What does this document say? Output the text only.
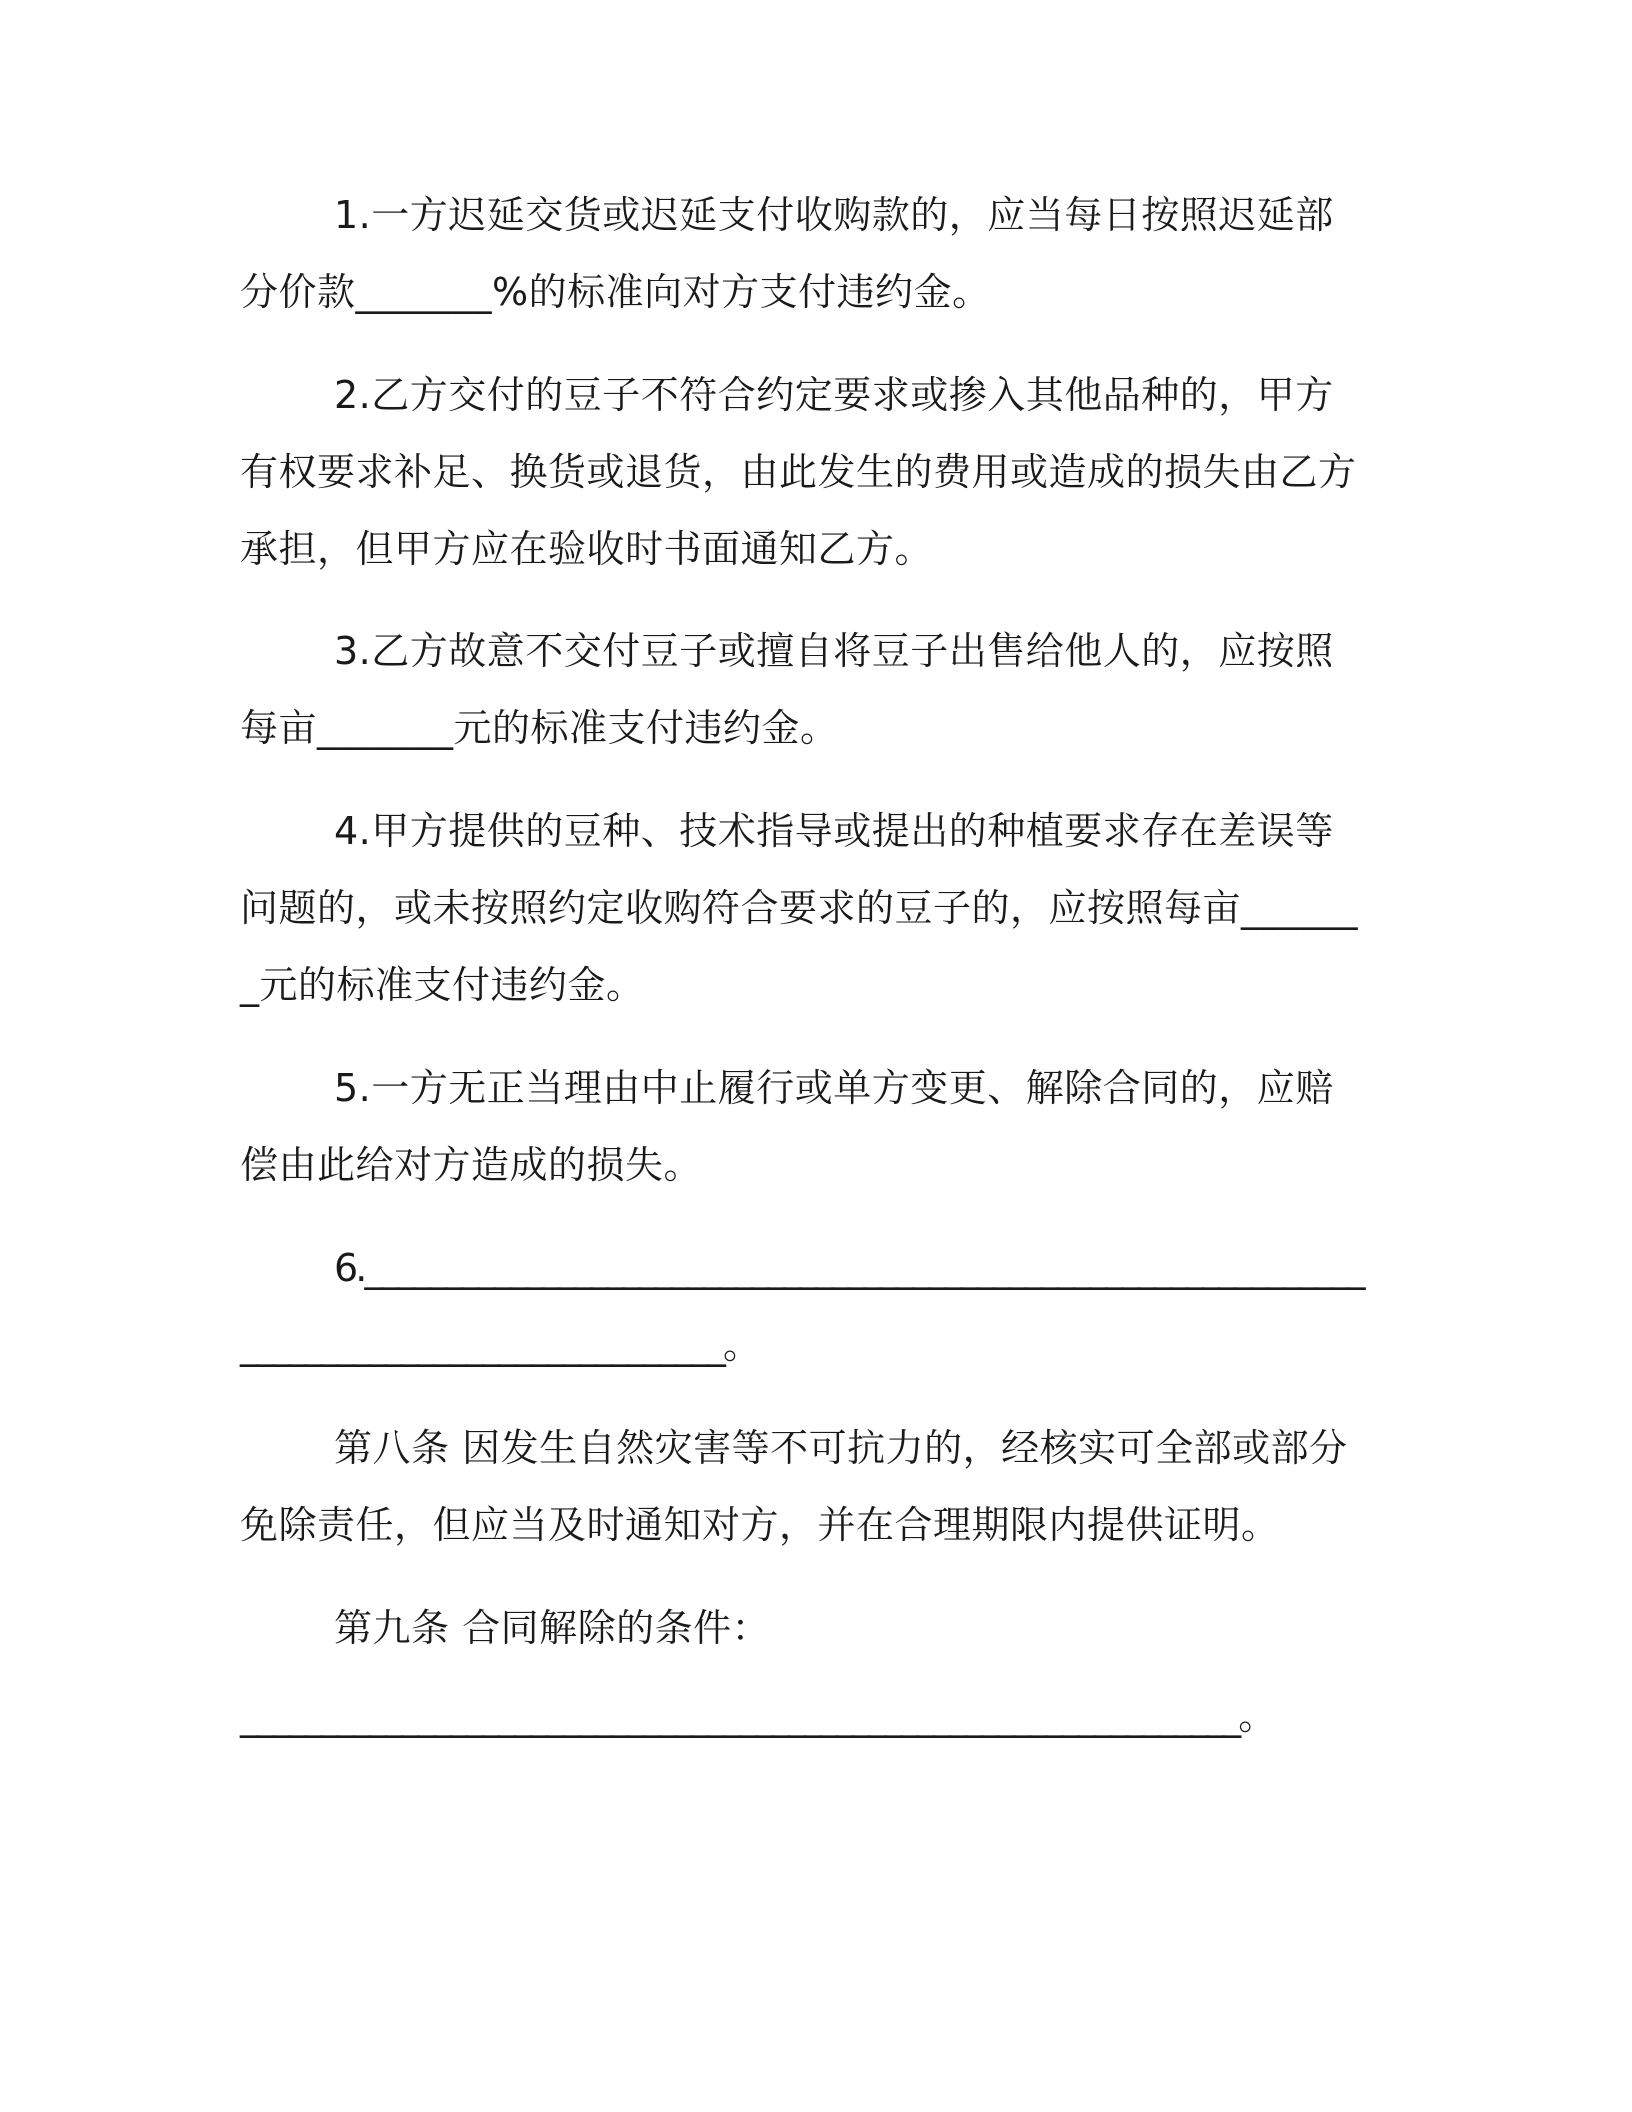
1.一方迟延交货或迟延支付收购款的，应当每日按照迟延部分价款_______%的标准向对方支付违约金。

2.乙方交付的豆子不符合约定要求或掺入其他品种的，甲方有权要求补足、换货或退货，由此发生的费用或造成的损失由乙方承担，但甲方应在验收时书面通知乙方。

3.乙方故意不交付豆子或擅自将豆子出售给他人的，应按照每亩_______元的标准支付违约金。

4.甲方提供的豆种、技术指导或提出的种植要求存在差误等问题的，或未按照约定收购符合要求的豆子的，应按照每亩_______元的标准支付违约金。

5.一方无正当理由中止履行或单方变更、解除合同的，应赔偿由此给对方造成的损失。

6.____________________________________________________________________________________________。

第八条 因发生自然灾害等不可抗力的，经核实可全部或部分免除责任，但应当及时通知对方，并在合理期限内提供证明。

第九条 合同解除的条件：

______________________________________________________________。
